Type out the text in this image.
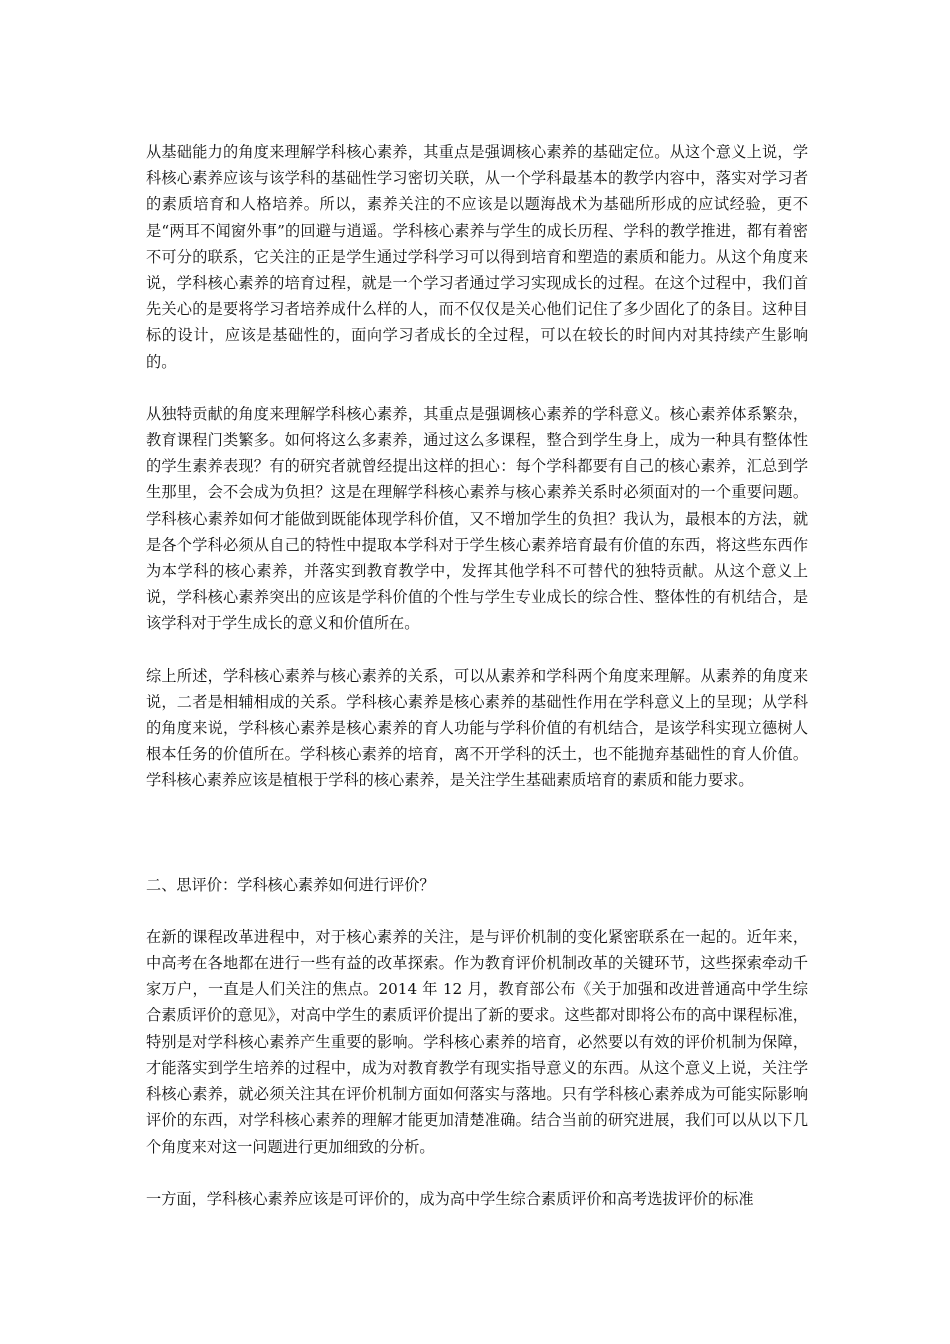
从基础能力的角度来理解学科核心素养，其重点是强调核心素养的基础定位。从这个意义上说，学科核心素养应该与该学科的基础性学习密切关联，从一个学科最基本的教学内容中，落实对学习者的素质培育和人格培养。所以，素养关注的不应该是以题海战术为基础所形成的应试经验，更不是“两耳不闻窗外事”的回避与逍遥。学科核心素养与学生的成长历程、学科的教学推进，都有着密不可分的联系，它关注的正是学生通过学科学习可以得到培育和塑造的素质和能力。从这个角度来说，学科核心素养的培育过程，就是一个学习者通过学习实现成长的过程。在这个过程中，我们首先关心的是要将学习者培养成什么样的人，而不仅仅是关心他们记住了多少固化了的条目。这种目标的设计，应该是基础性的，面向学习者成长的全过程，可以在较长的时间内对其持续产生影响的。

从独特贡献的角度来理解学科核心素养，其重点是强调核心素养的学科意义。核心素养体系繁杂，教育课程门类繁多。如何将这么多素养，通过这么多课程，整合到学生身上，成为一种具有整体性的学生素养表现？有的研究者就曾经提出这样的担心：每个学科都要有自己的核心素养，汇总到学生那里，会不会成为负担？这是在理解学科核心素养与核心素养关系时必须面对的一个重要问题。学科核心素养如何才能做到既能体现学科价值，又不增加学生的负担？我认为，最根本的方法，就是各个学科必须从自己的特性中提取本学科对于学生核心素养培育最有价值的东西，将这些东西作为本学科的核心素养，并落实到教育教学中，发挥其他学科不可替代的独特贡献。从这个意义上说，学科核心素养突出的应该是学科价值的个性与学生专业成长的综合性、整体性的有机结合，是该学科对于学生成长的意义和价值所在。

综上所述，学科核心素养与核心素养的关系，可以从素养和学科两个角度来理解。从素养的角度来说，二者是相辅相成的关系。学科核心素养是核心素养的基础性作用在学科意义上的呈现；从学科的角度来说，学科核心素养是核心素养的育人功能与学科价值的有机结合，是该学科实现立德树人根本任务的价值所在。学科核心素养的培育，离不开学科的沃土，也不能抛弃基础性的育人价值。学科核心素养应该是植根于学科的核心素养，是关注学生基础素质培育的素质和能力要求。

二、思评价：学科核心素养如何进行评价？

在新的课程改革进程中，对于核心素养的关注，是与评价机制的变化紧密联系在一起的。近年来，中高考在各地都在进行一些有益的改革探索。作为教育评价机制改革的关键环节，这些探索牵动千家万户，一直是人们关注的焦点。2014 年 12 月，教育部公布《关于加强和改进普通高中学生综合素质评价的意见》，对高中学生的素质评价提出了新的要求。这些都对即将公布的高中课程标准，特别是对学科核心素养产生重要的影响。学科核心素养的培育，必然要以有效的评价机制为保障，才能落实到学生培养的过程中，成为对教育教学有现实指导意义的东西。从这个意义上说，关注学科核心素养，就必须关注其在评价机制方面如何落实与落地。只有学科核心素养成为可能实际影响评价的东西，对学科核心素养的理解才能更加清楚准确。结合当前的研究进展，我们可以从以下几个角度来对这一问题进行更加细致的分析。

一方面，学科核心素养应该是可评价的，成为高中学生综合素质评价和高考选拔评价的标准
